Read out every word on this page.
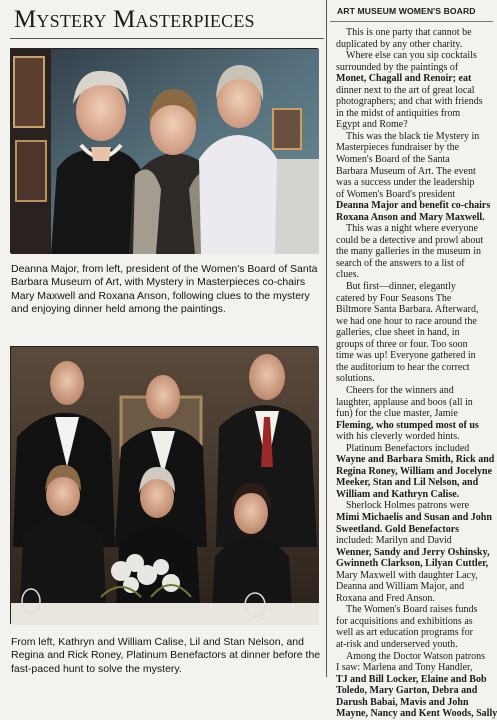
Mystery Masterpieces
Deanna Major, from left, president of the Women's Board of Santa
Barbara Museum of Art, with Mystery in Masterpieces co-chairs
Mary Maxwell and Roxana Anson, following clues to the mystery
and enjoying dinner held among the paintings.
From left, Kathryn and William Calise, Lil and Stan Nelson, and
Regina and Rick Roney, Platinum Benefactors at dinner before the
fast-paced hunt to solve the mystery.
ART MUSEUM WOMEN'S BOARD
This is one party that cannot be
duplicated by any other charity.
Where else can you sip cocktails
surrounded by the paintings of
Monet, Chagall and Renoir; eat
dinner next to the art of great local
photographers; and chat with friends
in the midst of antiquities from
Egypt and Rome?
This was the black tie Mystery in
Masterpieces fundraiser by the
Women's Board of the Santa
Barbara Museum of Art. The event
was a success under the leadership
of Women's Board's president
Deanna Major and benefit co-chairs
Roxana Anson and Mary Maxwell.
This was a night where everyone
could be a detective and prowl about
the many galleries in the museum in
search of the answers to a list of
clues.
But first—dinner, elegantly
catered by Four Seasons The
Biltmore Santa Barbara. Afterward,
we had one hour to race around the
galleries, clue sheet in hand, in
groups of three or four. Too soon
time was up! Everyone gathered in
the auditorium to hear the correct
solutions.
Cheers for the winners and
laughter, applause and boos (all in
fun) for the clue master, Jamie
Fleming, who stumped most of us
with his cleverly worded hints.
Platinum Benefactors included
Wayne and Barbara Smith, Rick and
Regina Roney, William and Jocelyne
Meeker, Stan and Lil Nelson, and
William and Kathryn Calise.
Sherlock Holmes patrons were
Mimi Michaelis and Susan and John
Sweetland. Gold Benefactors
included: Marilyn and David
Wenner, Sandy and Jerry Oshinsky,
Gwinneth Clarkson, Lilyan Cuttler,
Mary Maxwell with daughter Lacy,
Deanna and William Major, and
Roxana and Fred Anson.
The Women's Board raises funds
for acquisitions and exhibitions as
well as art education programs for
at-risk and underserved youth.
Among the Doctor Watson patrons
I saw: Marlena and Tony Handler,
TJ and Bill Locker, Elaine and Bob
Toledo, Mary Garton, Debra and
Darush Babai, Mavis and John
Mayne, Nancy and Kent Woods, Sally
